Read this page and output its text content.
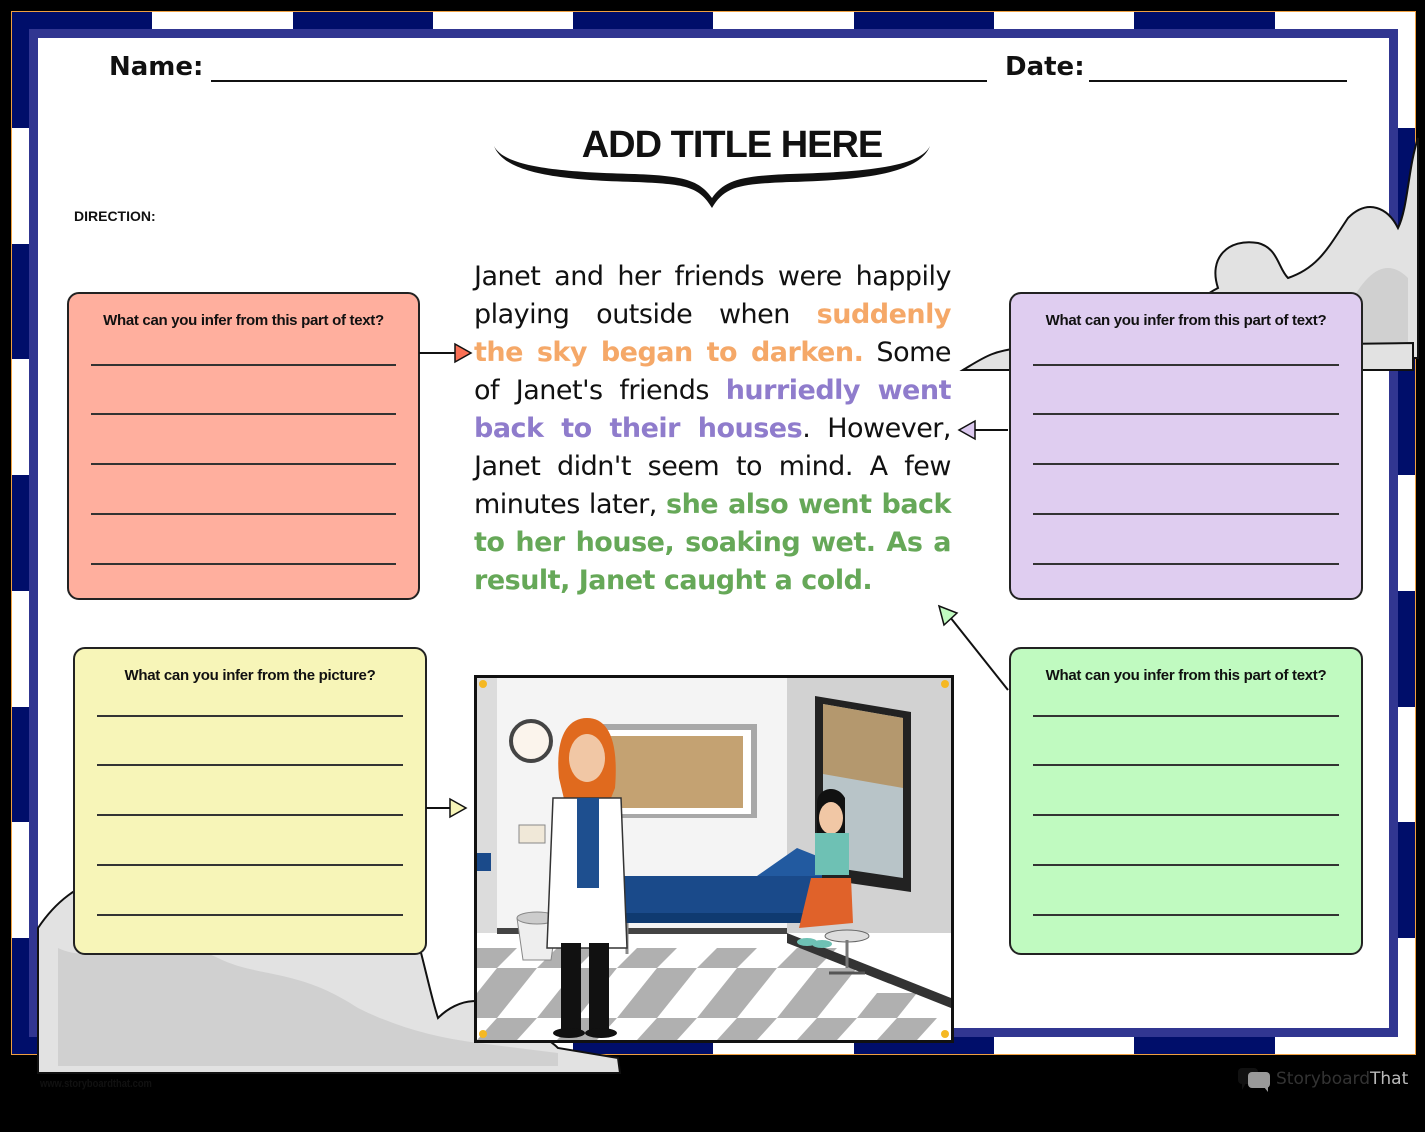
Name:	Date:
ADD TITLE HERE
DIRECTION:
What can you infer from this part of text?	What can you infer from this part of text?
What can you infer from the picture?	What can you infer from this part of text?
Janet and her friends were happily playing outside when suddenly the sky began to darken. Some of Janet's friends hurriedly went back to their houses. However, Janet didn't seem to mind. A few minutes later, she also went back to her house, soaking wet. As a result, Janet caught a cold.
www.storyboardthat.com	StoryboardThat
